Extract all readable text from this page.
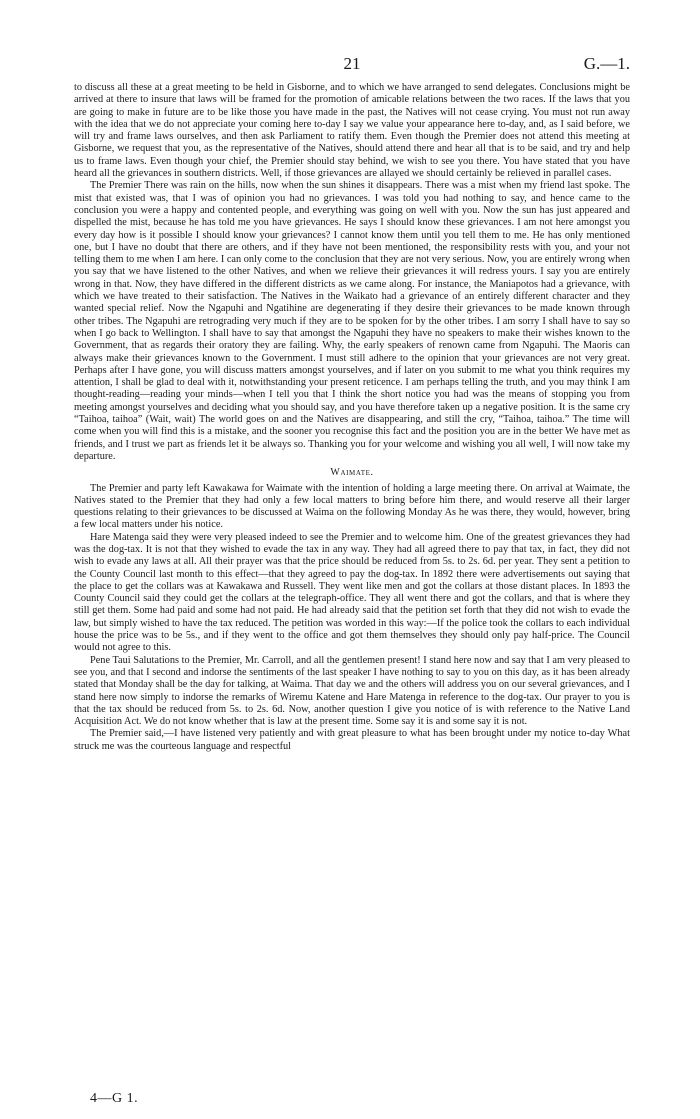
21	G.—1.

to discuss all these at a great meeting to be held in Gisborne, and to which we have arranged to send delegates. Conclusions might be arrived at there to insure that laws will be framed for the promotion of amicable relations between the two races. If the laws that you are going to make in future are to be like those you have made in the past, the Natives will not cease crying. You must not run away with the idea that we do not appreciate your coming here to-day I say we value your appearance here to-day, and, as I said before, we will try and frame laws ourselves, and then ask Parliament to ratify them. Even though the Premier does not attend this meeting at Gisborne, we request that you, as the representative of the Natives, should attend there and hear all that is to be said, and try and help us to frame laws. Even though your chief, the Premier should stay behind, we wish to see you there. You have stated that you have heard all the grievances in southern districts. Well, if those grievances are allayed we should certainly be relieved in parallel cases.

The Premier There was rain on the hills, now when the sun shines it disappears. There was a mist when my friend last spoke. The mist that existed was, that I was of opinion you had no grievances. I was told you had nothing to say, and hence came to the conclusion you were a happy and contented people, and everything was going on well with you. Now the sun has just appeared and dispelled the mist, because he has told me you have grievances. He says I should know these grievances. I am not here amongst you every day how is it possible I should know your grievances? I cannot know them until you tell them to me. He has only mentioned one, but I have no doubt that there are others, and if they have not been mentioned, the responsibility rests with you, and your not telling them to me when I am here. I can only come to the conclusion that they are not very serious. Now, you are entirely wrong when you say that we have listened to the other Natives, and when we relieve their grievances it will redress yours. I say you are entirely wrong in that. Now, they have differed in the different districts as we came along. For instance, the Maniapotos had a grievance, with which we have treated to their satisfaction. The Natives in the Waikato had a grievance of an entirely different character and they wanted special relief. Now the Ngapuhi and Ngatihine are degenerating if they desire their grievances to be made known through other tribes. The Ngapuhi are retrograding very much if they are to be spoken for by the other tribes. I am sorry I shall have to say so when I go back to Wellington. I shall have to say that amongst the Ngapuhi they have no speakers to make their wishes known to the Government, that as regards their oratory they are failing. Why, the early speakers of renown came from Ngapuhi. The Maoris can always make their grievances known to the Government. I must still adhere to the opinion that your grievances are not very great. Perhaps after I have gone, you will discuss matters amongst yourselves, and if later on you submit to me what you think requires my attention, I shall be glad to deal with it, notwithstanding your present reticence. I am perhaps telling the truth, and you may think I am thought-reading—reading your minds—when I tell you that I think the short notice you had was the means of stopping you from meeting amongst yourselves and deciding what you should say, and you have therefore taken up a negative position. It is the same cry “Taihoa, taihoa” (Wait, wait) The world goes on and the Natives are disappearing, and still the cry, “Taihoa, taihoa.” The time will come when you will find this is a mistake, and the sooner you recognise this fact and the position you are in the better We have met as friends, and I trust we part as friends let it be always so. Thanking you for your welcome and wishing you all well, I will now take my departure.

Waimate.

The Premier and party left Kawakawa for Waimate with the intention of holding a large meeting there. On arrival at Waimate, the Natives stated to the Premier that they had only a few local matters to bring before him there, and would reserve all their larger questions relating to their grievances to be discussed at Waima on the following Monday As he was there, they would, however, bring a few local matters under his notice.

Hare Matenga said they were very pleased indeed to see the Premier and to welcome him. One of the greatest grievances they had was the dog-tax. It is not that they wished to evade the tax in any way. They had all agreed there to pay that tax, in fact, they did not wish to evade any laws at all. All their prayer was that the price should be reduced from 5s. to 2s. 6d. per year. They sent a petition to the County Council last month to this effect—that they agreed to pay the dog-tax. In 1892 there were advertisements out saying that the place to get the collars was at Kawakawa and Russell. They went like men and got the collars at those distant places. In 1893 the County Council said they could get the collars at the telegraph-office. They all went there and got the collars, and that is where they still get them. Some had paid and some had not paid. He had already said that the petition set forth that they did not wish to evade the law, but simply wished to have the tax reduced. The petition was worded in this way:—If the police took the collars to each individual house the price was to be 5s., and if they went to the office and got them themselves they should only pay half-price. The Council would not agree to this.

Pene Taui Salutations to the Premier, Mr. Carroll, and all the gentlemen present! I stand here now and say that I am very pleased to see you, and that I second and indorse the sentiments of the last speaker I have nothing to say to you on this day, as it has been already stated that Monday shall be the day for talking, at Waima. That day we and the others will address you on our several grievances, and I stand here now simply to indorse the remarks of Wiremu Katene and Hare Matenga in reference to the dog-tax. Our prayer to you is that the tax should be reduced from 5s. to 2s. 6d. Now, another question I give you notice of is with reference to the Native Land Acquisition Act. We do not know whether that is law at the present time. Some say it is and some say it is not.

The Premier said,—I have listened very patiently and with great pleasure to what has been brought under my notice to-day What struck me was the courteous language and respectful

4—G 1.
